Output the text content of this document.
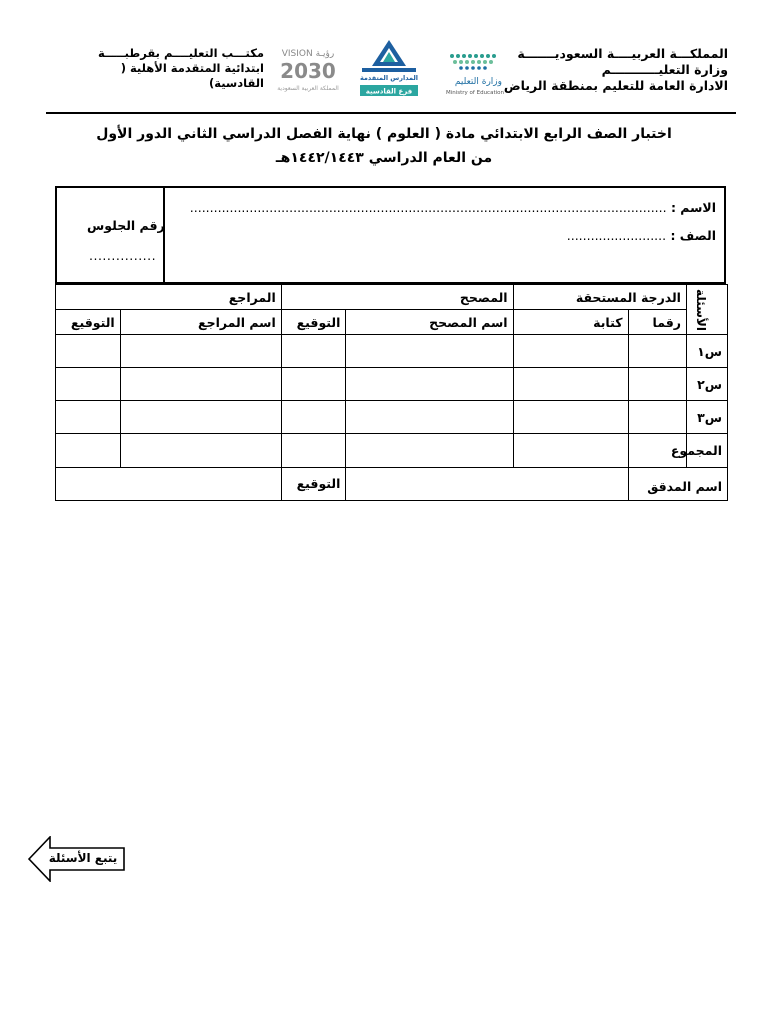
المملكـــة العربيــــة السعوديـــــــة
وزارة التعليـــــــــــم
الادارة العامة للتعليم بمنطقة الرياض
وزارة التعليم
Ministry of Education
المدارس المتقدمة
فرع القادسية
VISION رؤيـة
2030
المملكة العربية السعودية
مكتـــب التعليــــم بقرطبـــــة
ابتدائية المتقدمة الأهلية ( القادسية)
اختبار الصف الرابع الابتدائي مادة ( العلوم ) نهاية الفصل الدراسي الثاني الدور الأول
من العام الدراسي ١٤٤٢/١٤٤٣هـ
الاسم : ........................................................................................................................
الصف : .........................
رقم الجلوس
...............
الأسئلة	الدرجة المستحقة		المصحح		المراجع	
	رقما	كتابة	اسم المصحح	التوقيع	اسم المراجع	التوقيع
س١						
س٢						
س٣						
المجموع						
اسم المدقق				التوقيع		
يتبع الأسئلة
